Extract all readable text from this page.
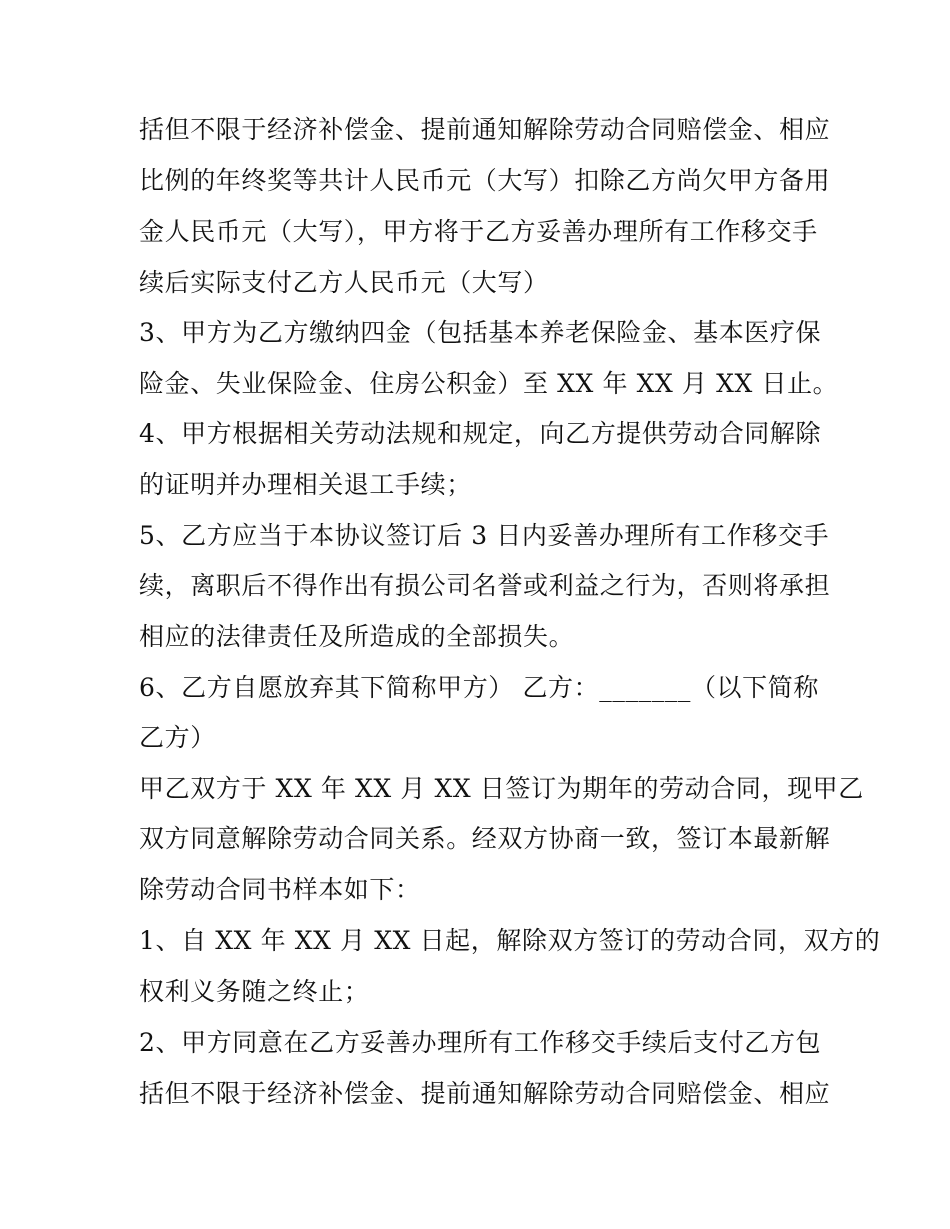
括但不限于经济补偿金、提前通知解除劳动合同赔偿金、相应
比例的年终奖等共计人民币元（大写）扣除乙方尚欠甲方备用
金人民币元（大写），甲方将于乙方妥善办理所有工作移交手
续后实际支付乙方人民币元（大写）
3、甲方为乙方缴纳四金（包括基本养老保险金、基本医疗保
险金、失业保险金、住房公积金）至 XX 年 XX 月 XX 日止。
4、甲方根据相关劳动法规和规定，向乙方提供劳动合同解除
的证明并办理相关退工手续；
5、乙方应当于本协议签订后 3 日内妥善办理所有工作移交手
续，离职后不得作出有损公司名誉或利益之行为，否则将承担
相应的法律责任及所造成的全部损失。
6、乙方自愿放弃其下简称甲方） 乙方：_______（以下简称
乙方）
甲乙双方于 XX 年 XX 月 XX 日签订为期年的劳动合同，现甲乙
双方同意解除劳动合同关系。经双方协商一致，签订本最新解
除劳动合同书样本如下：
1、自 XX 年 XX 月 XX 日起，解除双方签订的劳动合同，双方的
权利义务随之终止；
2、甲方同意在乙方妥善办理所有工作移交手续后支付乙方包
括但不限于经济补偿金、提前通知解除劳动合同赔偿金、相应
